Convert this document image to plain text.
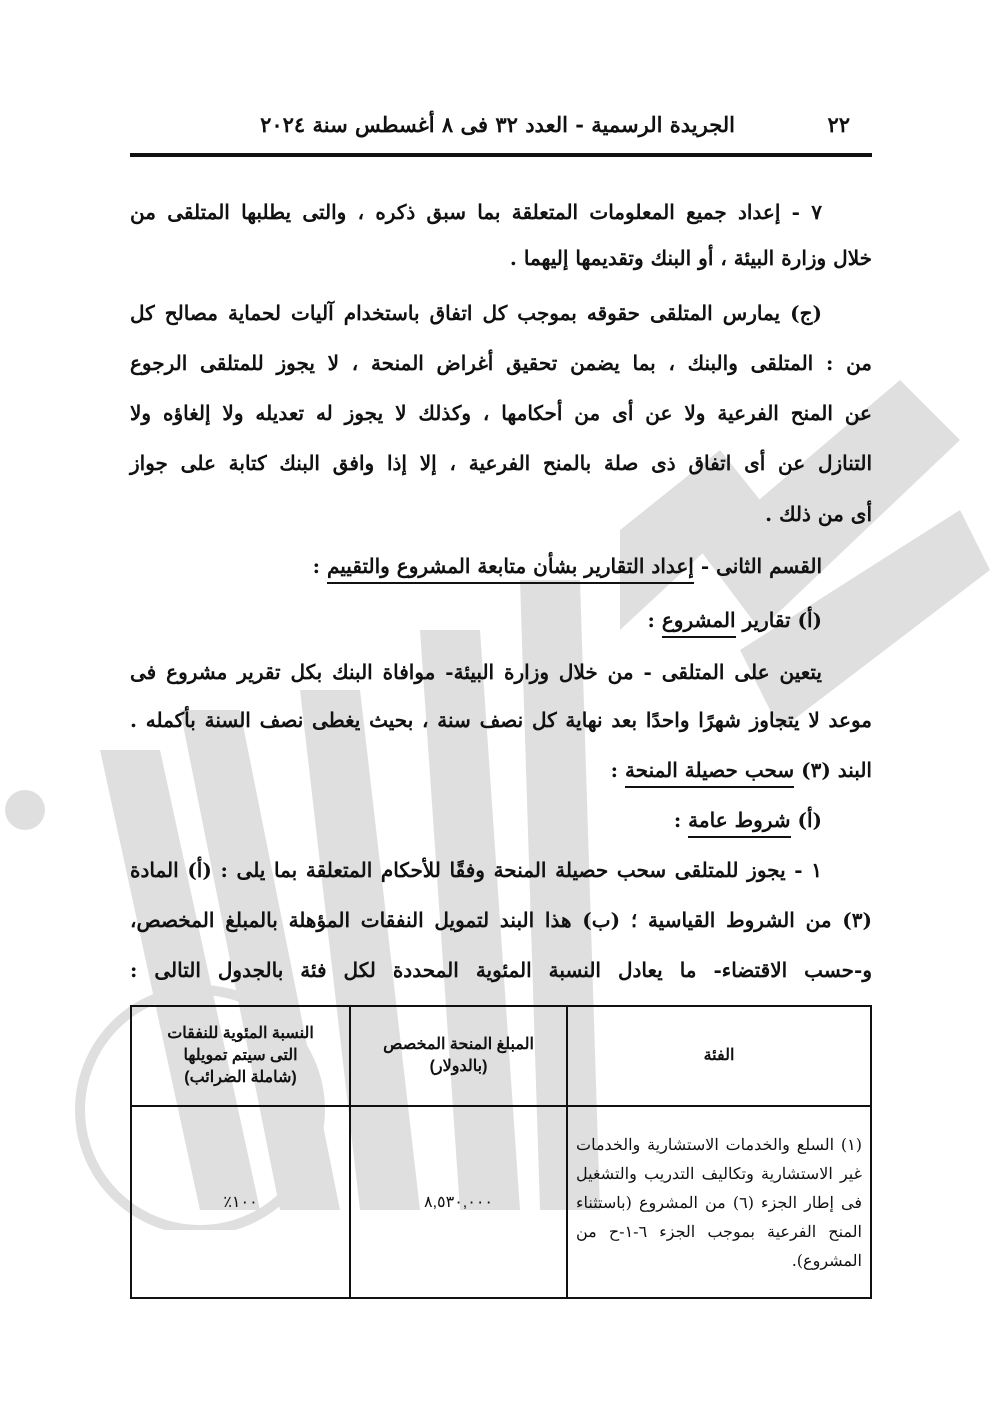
٢٢
الجريدة الرسمية - العدد ٣٢ فى ٨ أغسطس سنة ٢٠٢٤
٧ - إعداد جميع المعلومات المتعلقة بما سبق ذكره ، والتى يطلبها المتلقى من
خلال وزارة البيئة ، أو البنك وتقديمها إليهما .
(ج) يمارس المتلقى حقوقه بموجب كل اتفاق باستخدام آليات لحماية مصالح كل
من : المتلقى والبنك ، بما يضمن تحقيق أغراض المنحة ، لا يجوز للمتلقى الرجوع
عن المنح الفرعية ولا عن أى من أحكامها ، وكذلك لا يجوز له تعديله ولا إلغاؤه ولا
التنازل عن أى اتفاق ذى صلة بالمنح الفرعية ، إلا إذا وافق البنك كتابة على جواز
أى من ذلك .
القسم الثانى - إعداد التقارير بشأن متابعة المشروع والتقييم :
(أ) تقارير المشروع :
يتعين على المتلقى - من خلال وزارة البيئة- موافاة البنك بكل تقرير مشروع فى
موعد لا يتجاوز شهرًا واحدًا بعد نهاية كل نصف سنة ، بحيث يغطى نصف السنة بأكمله .
البند (٣) سحب حصيلة المنحة :
(أ) شروط عامة :
١ - يجوز للمتلقى سحب حصيلة المنحة وفقًا للأحكام المتعلقة بما يلى : (أ) المادة
(٣) من الشروط القياسية ؛ (ب) هذا البند لتمويل النفقات المؤهلة بالمبلغ المخصص،
و-حسب الاقتضاء- ما يعادل النسبة المئوية المحددة لكل فئة بالجدول التالى :
الفئة	المبلغ المنحة المخصص (بالدولار)	النسبة المئوية للنفقات التى سيتم تمويلها (شاملة الضرائب)
(١) السلع والخدمات الاستشارية والخدمات غير الاستشارية وتكاليف التدريب والتشغيل فى إطار الجزء (٦) من المشروع (باستثناء المنح الفرعية بموجب الجزء ٦-١-ح من المشروع).	٨,٥٣٠,٠٠٠	١٠٠٪
